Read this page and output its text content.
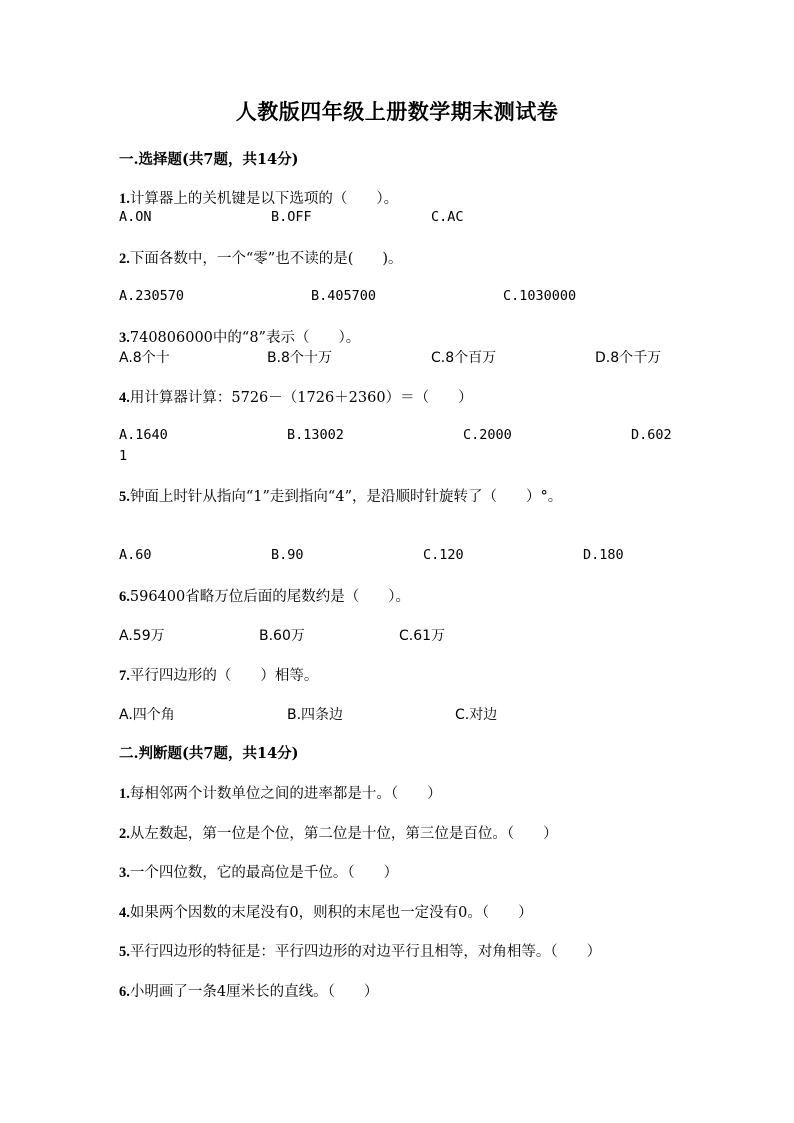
人教版四年级上册数学期末测试卷
一.选择题(共7题，共14分)
1.计算器上的关机键是以下选项的（　　）。
A.ON	B.OFF	C.AC
2.下面各数中，一个“零”也不读的是(　　)。
A.230570	B.405700	C.1030000
3.740806000中的“8”表示（　　）。
A.8个十	B.8个十万	C.8个百万	D.8个千万
4.用计算器计算：5726－（1726＋2360）＝（　　）
A.1640	B.13002	C.2000	D.602
1
5.钟面上时针从指向“1”走到指向“4”，是沿顺时针旋转了（　　）°。
A.60	B.90	C.120	D.180
6.596400省略万位后面的尾数约是（　　）。
A.59万	B.60万	C.61万
7.平行四边形的（　　）相等。
A.四个角	B.四条边	C.对边
二.判断题(共7题，共14分)
1.每相邻两个计数单位之间的进率都是十。（　　）
2.从左数起，第一位是个位，第二位是十位，第三位是百位。（　　）
3.一个四位数，它的最高位是千位。（　　）
4.如果两个因数的末尾没有0，则积的末尾也一定没有0。（　　）
5.平行四边形的特征是：平行四边形的对边平行且相等，对角相等。（　　）
6.小明画了一条4厘米长的直线。（　　）
